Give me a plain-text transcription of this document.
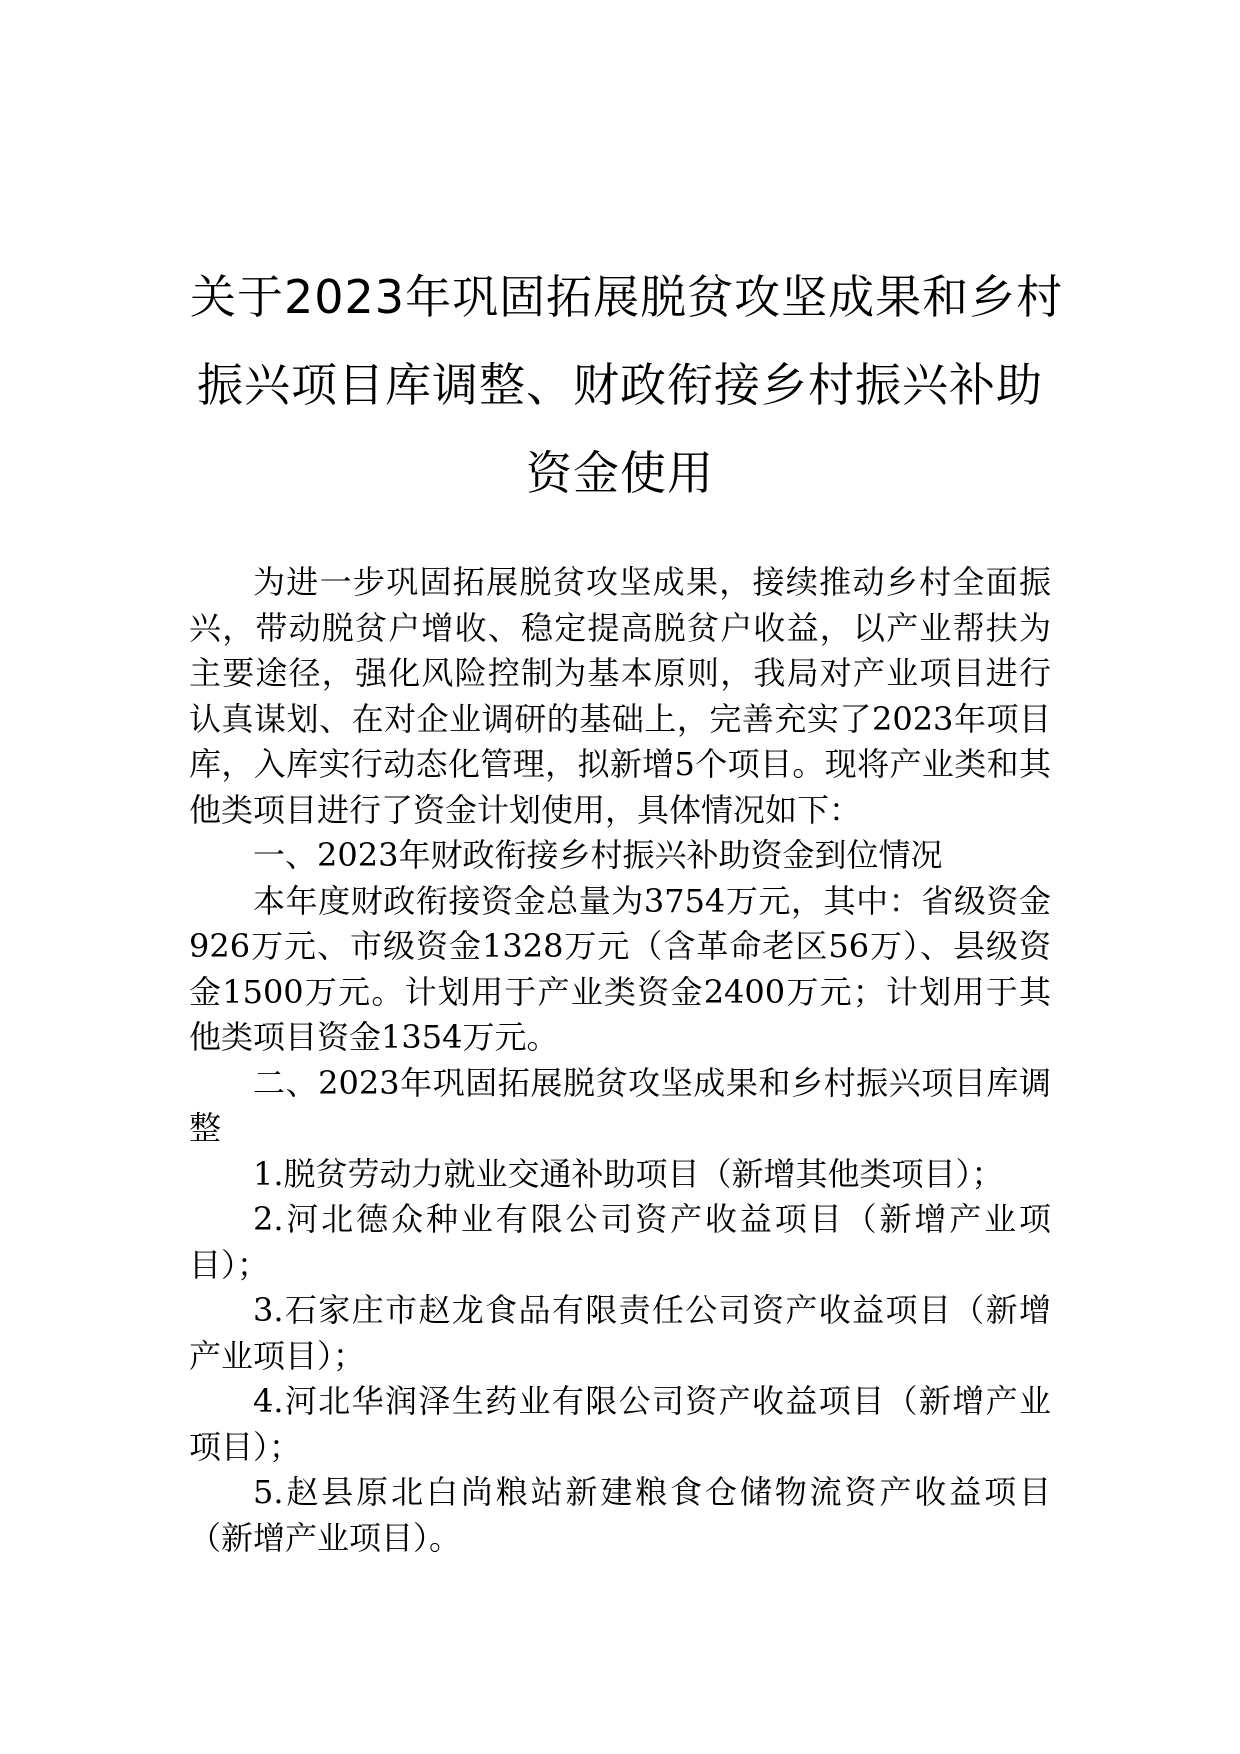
关于2023年巩固拓展脱贫攻坚成果和乡村
振兴项目库调整、财政衔接乡村振兴补助
资金使用

为进一步巩固拓展脱贫攻坚成果，接续推动乡村全面振兴，带动脱贫户增收、稳定提高脱贫户收益，以产业帮扶为主要途径，强化风险控制为基本原则，我局对产业项目进行认真谋划、在对企业调研的基础上，完善充实了2023年项目库，入库实行动态化管理，拟新增5个项目。现将产业类和其他类项目进行了资金计划使用，具体情况如下：

一、2023年财政衔接乡村振兴补助资金到位情况

本年度财政衔接资金总量为3754万元，其中：省级资金926万元、市级资金1328万元（含革命老区56万）、县级资金1500万元。计划用于产业类资金2400万元；计划用于其他类项目资金1354万元。

二、2023年巩固拓展脱贫攻坚成果和乡村振兴项目库调整

1.脱贫劳动力就业交通补助项目（新增其他类项目）；

2.河北德众种业有限公司资产收益项目（新增产业项目）；

3.石家庄市赵龙食品有限责任公司资产收益项目（新增产业项目）；

4.河北华润泽生药业有限公司资产收益项目（新增产业项目）；

5.赵县原北白尚粮站新建粮食仓储物流资产收益项目（新增产业项目）。
